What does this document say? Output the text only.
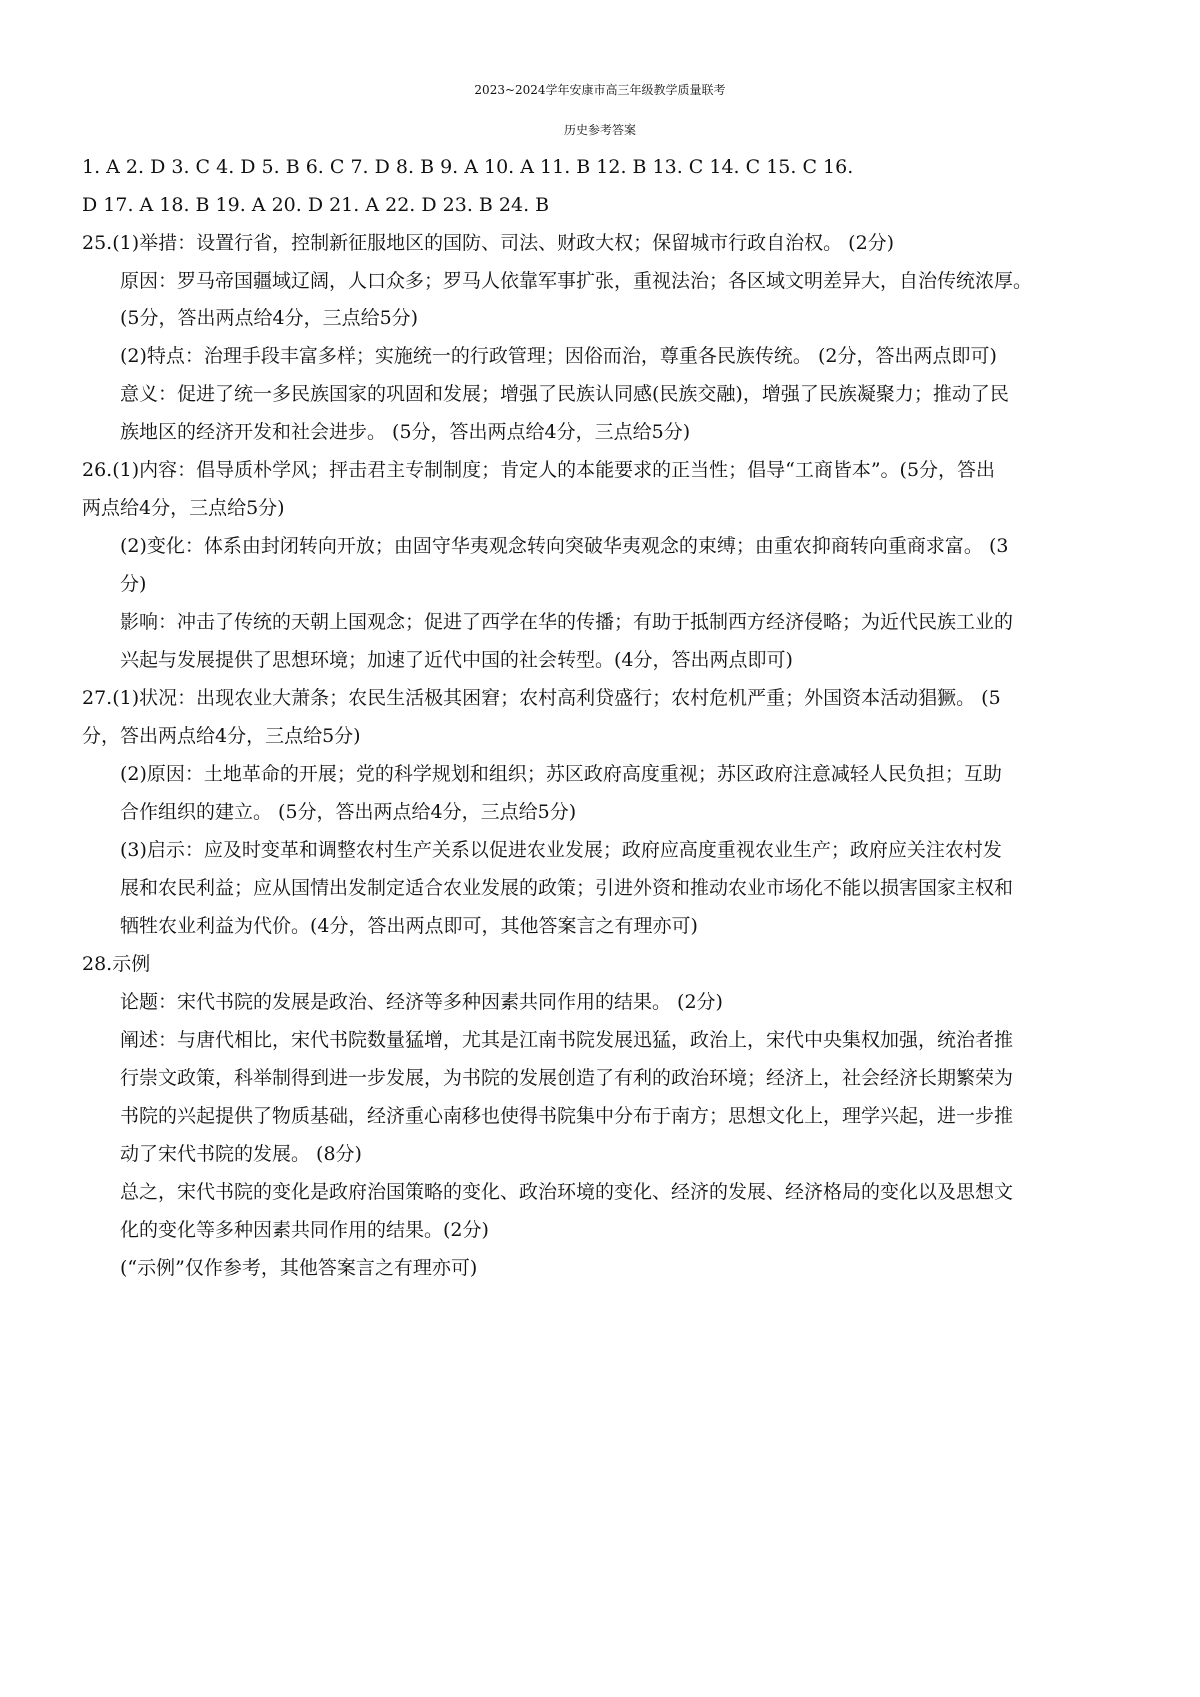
2023~2024学年安康市高三年级教学质量联考
历史参考答案
1. A 2. D 3. C 4. D 5. B 6. C 7. D 8. B 9. A 10. A 11. B 12. B 13. C 14. C 15. C 16.
D 17. A 18. B 19. A 20. D 21. A 22. D 23. B 24. B
25.(1)举措：设置行省，控制新征服地区的国防、司法、财政大权；保留城市行政自治权。 (2分)
原因：罗马帝国疆域辽阔，人口众多；罗马人依靠军事扩张，重视法治；各区域文明差异大，自治传统浓厚。
(5分，答出两点给4分，三点给5分)
(2)特点：治理手段丰富多样；实施统一的行政管理；因俗而治，尊重各民族传统。 (2分，答出两点即可)
意义：促进了统一多民族国家的巩固和发展；增强了民族认同感(民族交融)，增强了民族凝聚力；推动了民
族地区的经济开发和社会进步。 (5分，答出两点给4分，三点给5分)
26.(1)内容：倡导质朴学风；抨击君主专制制度；肯定人的本能要求的正当性；倡导“工商皆本”。(5分，答出
两点给4分，三点给5分)
(2)变化：体系由封闭转向开放；由固守华夷观念转向突破华夷观念的束缚；由重农抑商转向重商求富。 (3
分)
影响：冲击了传统的天朝上国观念；促进了西学在华的传播；有助于抵制西方经济侵略；为近代民族工业的
兴起与发展提供了思想环境；加速了近代中国的社会转型。(4分，答出两点即可)
27.(1)状况：出现农业大萧条；农民生活极其困窘；农村高利贷盛行；农村危机严重；外国资本活动猖獗。 (5
分，答出两点给4分，三点给5分)
(2)原因：土地革命的开展；党的科学规划和组织；苏区政府高度重视；苏区政府注意减轻人民负担；互助
合作组织的建立。 (5分，答出两点给4分，三点给5分)
(3)启示：应及时变革和调整农村生产关系以促进农业发展；政府应高度重视农业生产；政府应关注农村发
展和农民利益；应从国情出发制定适合农业发展的政策；引进外资和推动农业市场化不能以损害国家主权和
牺牲农业利益为代价。(4分，答出两点即可，其他答案言之有理亦可)
28.示例
论题：宋代书院的发展是政治、经济等多种因素共同作用的结果。 (2分)
阐述：与唐代相比，宋代书院数量猛增，尤其是江南书院发展迅猛，政治上，宋代中央集权加强，统治者推
行崇文政策，科举制得到进一步发展，为书院的发展创造了有利的政治环境；经济上，社会经济长期繁荣为
书院的兴起提供了物质基础，经济重心南移也使得书院集中分布于南方；思想文化上，理学兴起，进一步推
动了宋代书院的发展。 (8分)
总之，宋代书院的变化是政府治国策略的变化、政治环境的变化、经济的发展、经济格局的变化以及思想文
化的变化等多种因素共同作用的结果。(2分)
(“示例”仅作参考，其他答案言之有理亦可)
